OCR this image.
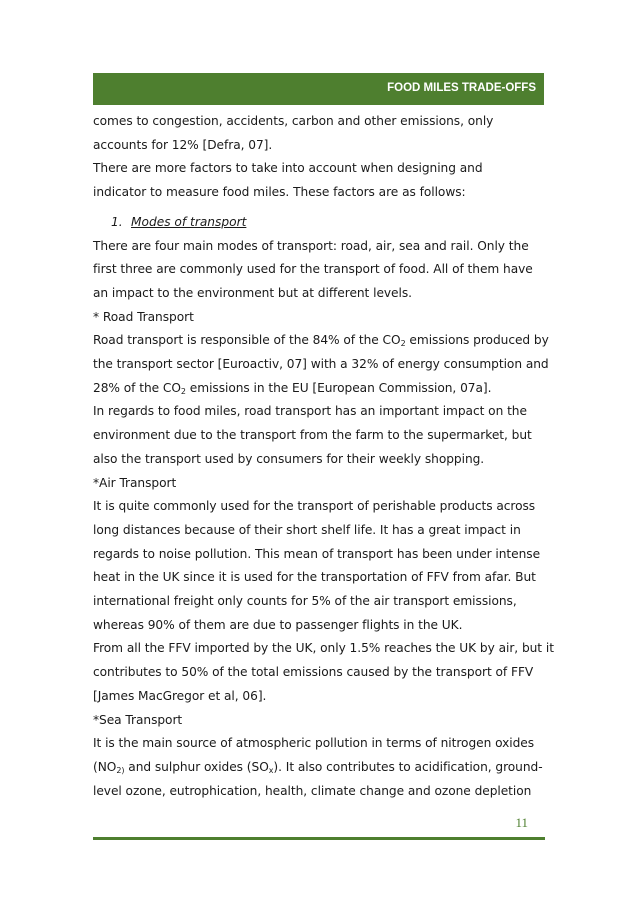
FOOD MILES TRADE-OFFS

comes to congestion, accidents, carbon and other emissions, only

accounts for 12% [Defra, 07].

There are more factors to take into account when designing and

indicator to measure food miles. These factors are as follows:

1. Modes of transport

There are four main modes of transport: road, air, sea and rail. Only the

first three are commonly used for the transport of food. All of them have

an impact to the environment but at different levels.

* Road Transport

Road transport is responsible of the 84% of the $CO_2$ emissions produced by

the transport sector [Euroactiv, 07] with a 32% of energy consumption and

28% of the $CO_2$ emissions in the EU [European Commission, 07a].

In regards to food miles, road transport has an important impact on the

environment due to the transport from the farm to the supermarket, but

also the transport used by consumers for their weekly shopping.

*Air Transport

It is quite commonly used for the transport of perishable products across

long distances because of their short shelf life. It has a great impact in

regards to noise pollution. This mean of transport has been under intense

heat in the UK since it is used for the transportation of FFV from afar. But

international freight only counts for 5% of the air transport emissions,

whereas 90% of them are due to passenger flights in the UK.

From all the FFV imported by the UK, only 1.5% reaches the UK by air, but it

contributes to 50% of the total emissions caused by the transport of FFV

[James MacGregor et al, 06].

*Sea Transport

It is the main source of atmospheric pollution in terms of nitrogen oxides

($NO_{2)}$ and sulphur oxides $(SO_x)$. It also contributes to acidification, ground-

level ozone, eutrophication, health, climate change and ozone depletion

11
